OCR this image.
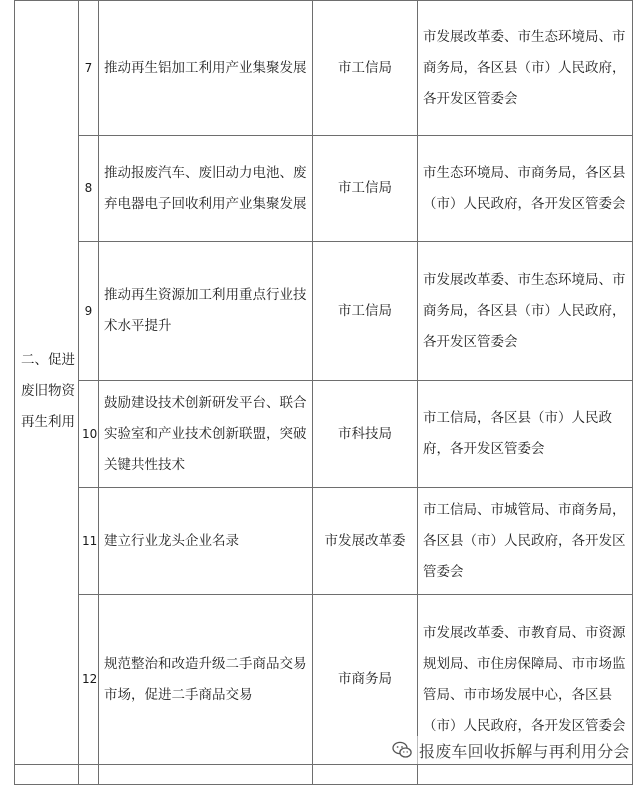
二、促进废旧物资再生利用	7	推动再生铝加工利用产业集聚发展	市工信局	市发展改革委、市生态环境局、市商务局，各区县（市）人民政府，各开发区管委会
	8	推动报废汽车、废旧动力电池、废弃电器电子回收利用产业集聚发展	市工信局	市生态环境局、市商务局，各区县（市）人民政府，各开发区管委会
	9	推动再生资源加工利用重点行业技术水平提升	市工信局	市发展改革委、市生态环境局、市商务局，各区县（市）人民政府，各开发区管委会
	10	鼓励建设技术创新研发平台、联合实验室和产业技术创新联盟，突破关键共性技术	市科技局	市工信局，各区县（市）人民政府，各开发区管委会
	11	建立行业龙头企业名录	市发展改革委	市工信局、市城管局、市商务局，各区县（市）人民政府，各开发区管委会
	12	规范整治和改造升级二手商品交易市场，促进二手商品交易	市商务局	市发展改革委、市教育局、市资源规划局、市住房保障局、市市场监管局、市市场发展中心，各区县（市）人民政府，各开发区管委会

报废车回收拆解与再利用分会
